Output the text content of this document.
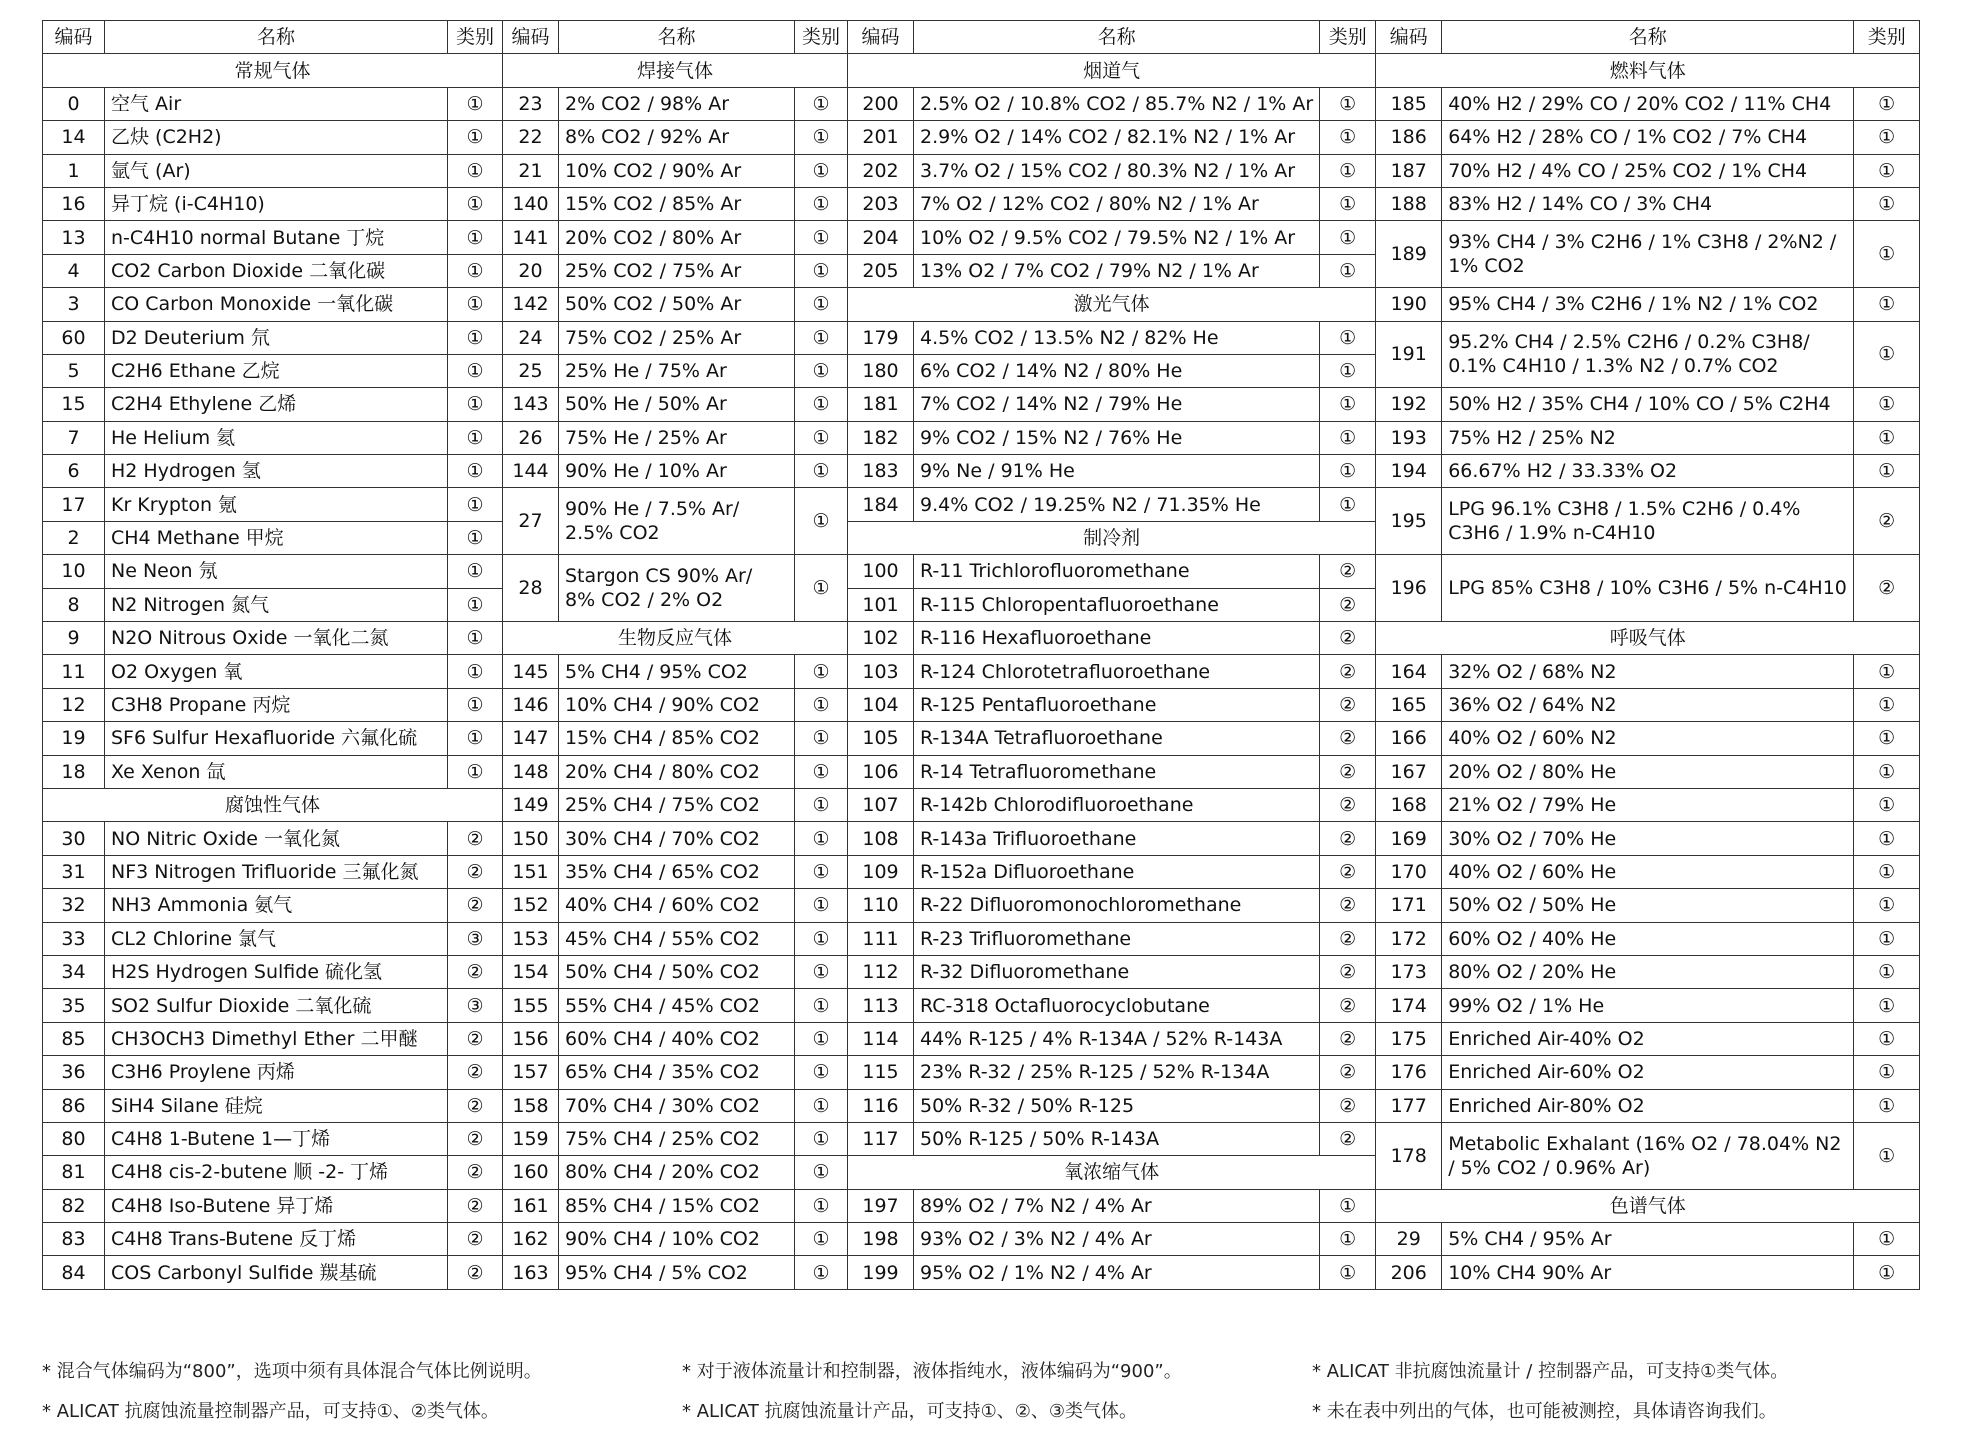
编码	名称	类别	编码	名称	类别	编码	名称	类别	编码	名称	类别
常规气体			焊接气体			烟道气			燃料气体		
0	空气 Air	①	23	2% CO2 / 98% Ar	①	200	2.5% O2 / 10.8% CO2 / 85.7% N2 / 1% Ar	①	185	40% H2 / 29% CO / 20% CO2 / 11% CH4	①
14	乙炔 (C2H2)	①	22	8% CO2 / 92% Ar	①	201	2.9% O2 / 14% CO2 / 82.1% N2 / 1% Ar	①	186	64% H2 / 28% CO / 1% CO2 / 7% CH4	①
1	氩气 (Ar)	①	21	10% CO2 / 90% Ar	①	202	3.7% O2 / 15% CO2 / 80.3% N2 / 1% Ar	①	187	70% H2 / 4% CO / 25% CO2 / 1% CH4	①
16	异丁烷 (i-C4H10)	①	140	15% CO2 / 85% Ar	①	203	7% O2 / 12% CO2 / 80% N2 / 1% Ar	①	188	83% H2 / 14% CO / 3% CH4	①
13	n-C4H10 normal Butane 丁烷	①	141	20% CO2 / 80% Ar	①	204	10% O2 / 9.5% CO2 / 79.5% N2 / 1% Ar	①	189	93% CH4 / 3% C2H6 / 1% C3H8 / 2%N2 / 1% CO2	①
4	CO2 Carbon Dioxide 二氧化碳	①	20	25% CO2 / 75% Ar	①	205	13% O2 / 7% CO2 / 79% N2 / 1% Ar	①			
3	CO Carbon Monoxide 一氧化碳	①	142	50% CO2 / 50% Ar	①	激光气体			190	95% CH4 / 3% C2H6 / 1% N2 / 1% CO2	①
60	D2 Deuterium 氘	①	24	75% CO2 / 25% Ar	①	179	4.5% CO2 / 13.5% N2 / 82% He	①	191	95.2% CH4 / 2.5% C2H6 / 0.2% C3H8/ 0.1% C4H10 / 1.3% N2 / 0.7% CO2	①
5	C2H6 Ethane 乙烷	①	25	25% He / 75% Ar	①	180	6% CO2 / 14% N2 / 80% He	①			
15	C2H4 Ethylene 乙烯	①	143	50% He / 50% Ar	①	181	7% CO2 / 14% N2 / 79% He	①	192	50% H2 / 35% CH4 / 10% CO / 5% C2H4	①
7	He Helium 氦	①	26	75% He / 25% Ar	①	182	9% CO2 / 15% N2 / 76% He	①	193	75% H2 / 25% N2	①
6	H2 Hydrogen 氢	①	144	90% He / 10% Ar	①	183	9% Ne / 91% He	①	194	66.67% H2 / 33.33% O2	①
17	Kr Krypton 氪	①	27	90% He / 7.5% Ar/ 2.5% CO2	①	184	9.4% CO2 / 19.25% N2 / 71.35% He	①	195	LPG 96.1% C3H8 / 1.5% C2H6 / 0.4% C3H6 / 1.9% n-C4H10	②
2	CH4 Methane 甲烷	①				制冷剂					
10	Ne Neon 氖	①	28	Stargon CS 90% Ar/ 8% CO2 / 2% O2	①	100	R-11 Trichlorofluoromethane	②	196	LPG 85% C3H8 / 10% C3H6 / 5% n-C4H10	②
8	N2 Nitrogen 氮气	①				101	R-115 Chloropentafluoroethane	②			
9	N2O Nitrous Oxide 一氧化二氮	①	生物反应气体			102	R-116 Hexafluoroethane	②	呼吸气体		
11	O2 Oxygen 氧	①	145	5% CH4 / 95% CO2	①	103	R-124 Chlorotetrafluoroethane	②	164	32% O2 / 68% N2	①
12	C3H8 Propane 丙烷	①	146	10% CH4 / 90% CO2	①	104	R-125 Pentafluoroethane	②	165	36% O2 / 64% N2	①
19	SF6 Sulfur Hexafluoride 六氟化硫	①	147	15% CH4 / 85% CO2	①	105	R-134A Tetrafluoroethane	②	166	40% O2 / 60% N2	①
18	Xe Xenon 氙	①	148	20% CH4 / 80% CO2	①	106	R-14 Tetrafluoromethane	②	167	20% O2 / 80% He	①
腐蚀性气体			149	25% CH4 / 75% CO2	①	107	R-142b Chlorodifluoroethane	②	168	21% O2 / 79% He	①
30	NO Nitric Oxide 一氧化氮	②	150	30% CH4 / 70% CO2	①	108	R-143a Trifluoroethane	②	169	30% O2 / 70% He	①
31	NF3 Nitrogen Trifluoride 三氟化氮	②	151	35% CH4 / 65% CO2	①	109	R-152a Difluoroethane	②	170	40% O2 / 60% He	①
32	NH3 Ammonia 氨气	②	152	40% CH4 / 60% CO2	①	110	R-22 Difluoromonochloromethane	②	171	50% O2 / 50% He	①
33	CL2 Chlorine 氯气	③	153	45% CH4 / 55% CO2	①	111	R-23 Trifluoromethane	②	172	60% O2 / 40% He	①
34	H2S Hydrogen Sulfide 硫化氢	②	154	50% CH4 / 50% CO2	①	112	R-32 Difluoromethane	②	173	80% O2 / 20% He	①
35	SO2 Sulfur Dioxide 二氧化硫	③	155	55% CH4 / 45% CO2	①	113	RC-318 Octafluorocyclobutane	②	174	99% O2 / 1% He	①
85	CH3OCH3 Dimethyl Ether 二甲醚	②	156	60% CH4 / 40% CO2	①	114	44% R-125 / 4% R-134A / 52% R-143A	②	175	Enriched Air-40% O2	①
36	C3H6 Proylene 丙烯	②	157	65% CH4 / 35% CO2	①	115	23% R-32 / 25% R-125 / 52% R-134A	②	176	Enriched Air-60% O2	①
86	SiH4 Silane 硅烷	②	158	70% CH4 / 30% CO2	①	116	50% R-32 / 50% R-125	②	177	Enriched Air-80% O2	①
80	C4H8 1-Butene 1—丁烯	②	159	75% CH4 / 25% CO2	①	117	50% R-125 / 50% R-143A	②	178	Metabolic Exhalant (16% O2 / 78.04% N2 / 5% CO2 / 0.96% Ar)	①
81	C4H8 cis-2-butene 顺 -2- 丁烯	②	160	80% CH4 / 20% CO2	①	氧浓缩气体					
82	C4H8 Iso-Butene 异丁烯	②	161	85% CH4 / 15% CO2	①	197	89% O2 / 7% N2 / 4% Ar	①	色谱气体		
83	C4H8 Trans-Butene 反丁烯	②	162	90% CH4 / 10% CO2	①	198	93% O2 / 3% N2 / 4% Ar	①	29	5% CH4 / 95% Ar	①
84	COS Carbonyl Sulfide 羰基硫	②	163	95% CH4 / 5% CO2	①	199	95% O2 / 1% N2 / 4% Ar	①	206	10% CH4 90% Ar	①
* 混合气体编码为“800”，选项中须有具体混合气体比例说明。	* 对于液体流量计和控制器，液体指纯水，液体编码为“900”。	* ALICAT 非抗腐蚀流量计 / 控制器产品，可支持①类气体。
* ALICAT 抗腐蚀流量控制器产品，可支持①、②类气体。	* ALICAT 抗腐蚀流量计产品，可支持①、②、③类气体。	* 未在表中列出的气体，也可能被测控，具体请咨询我们。
